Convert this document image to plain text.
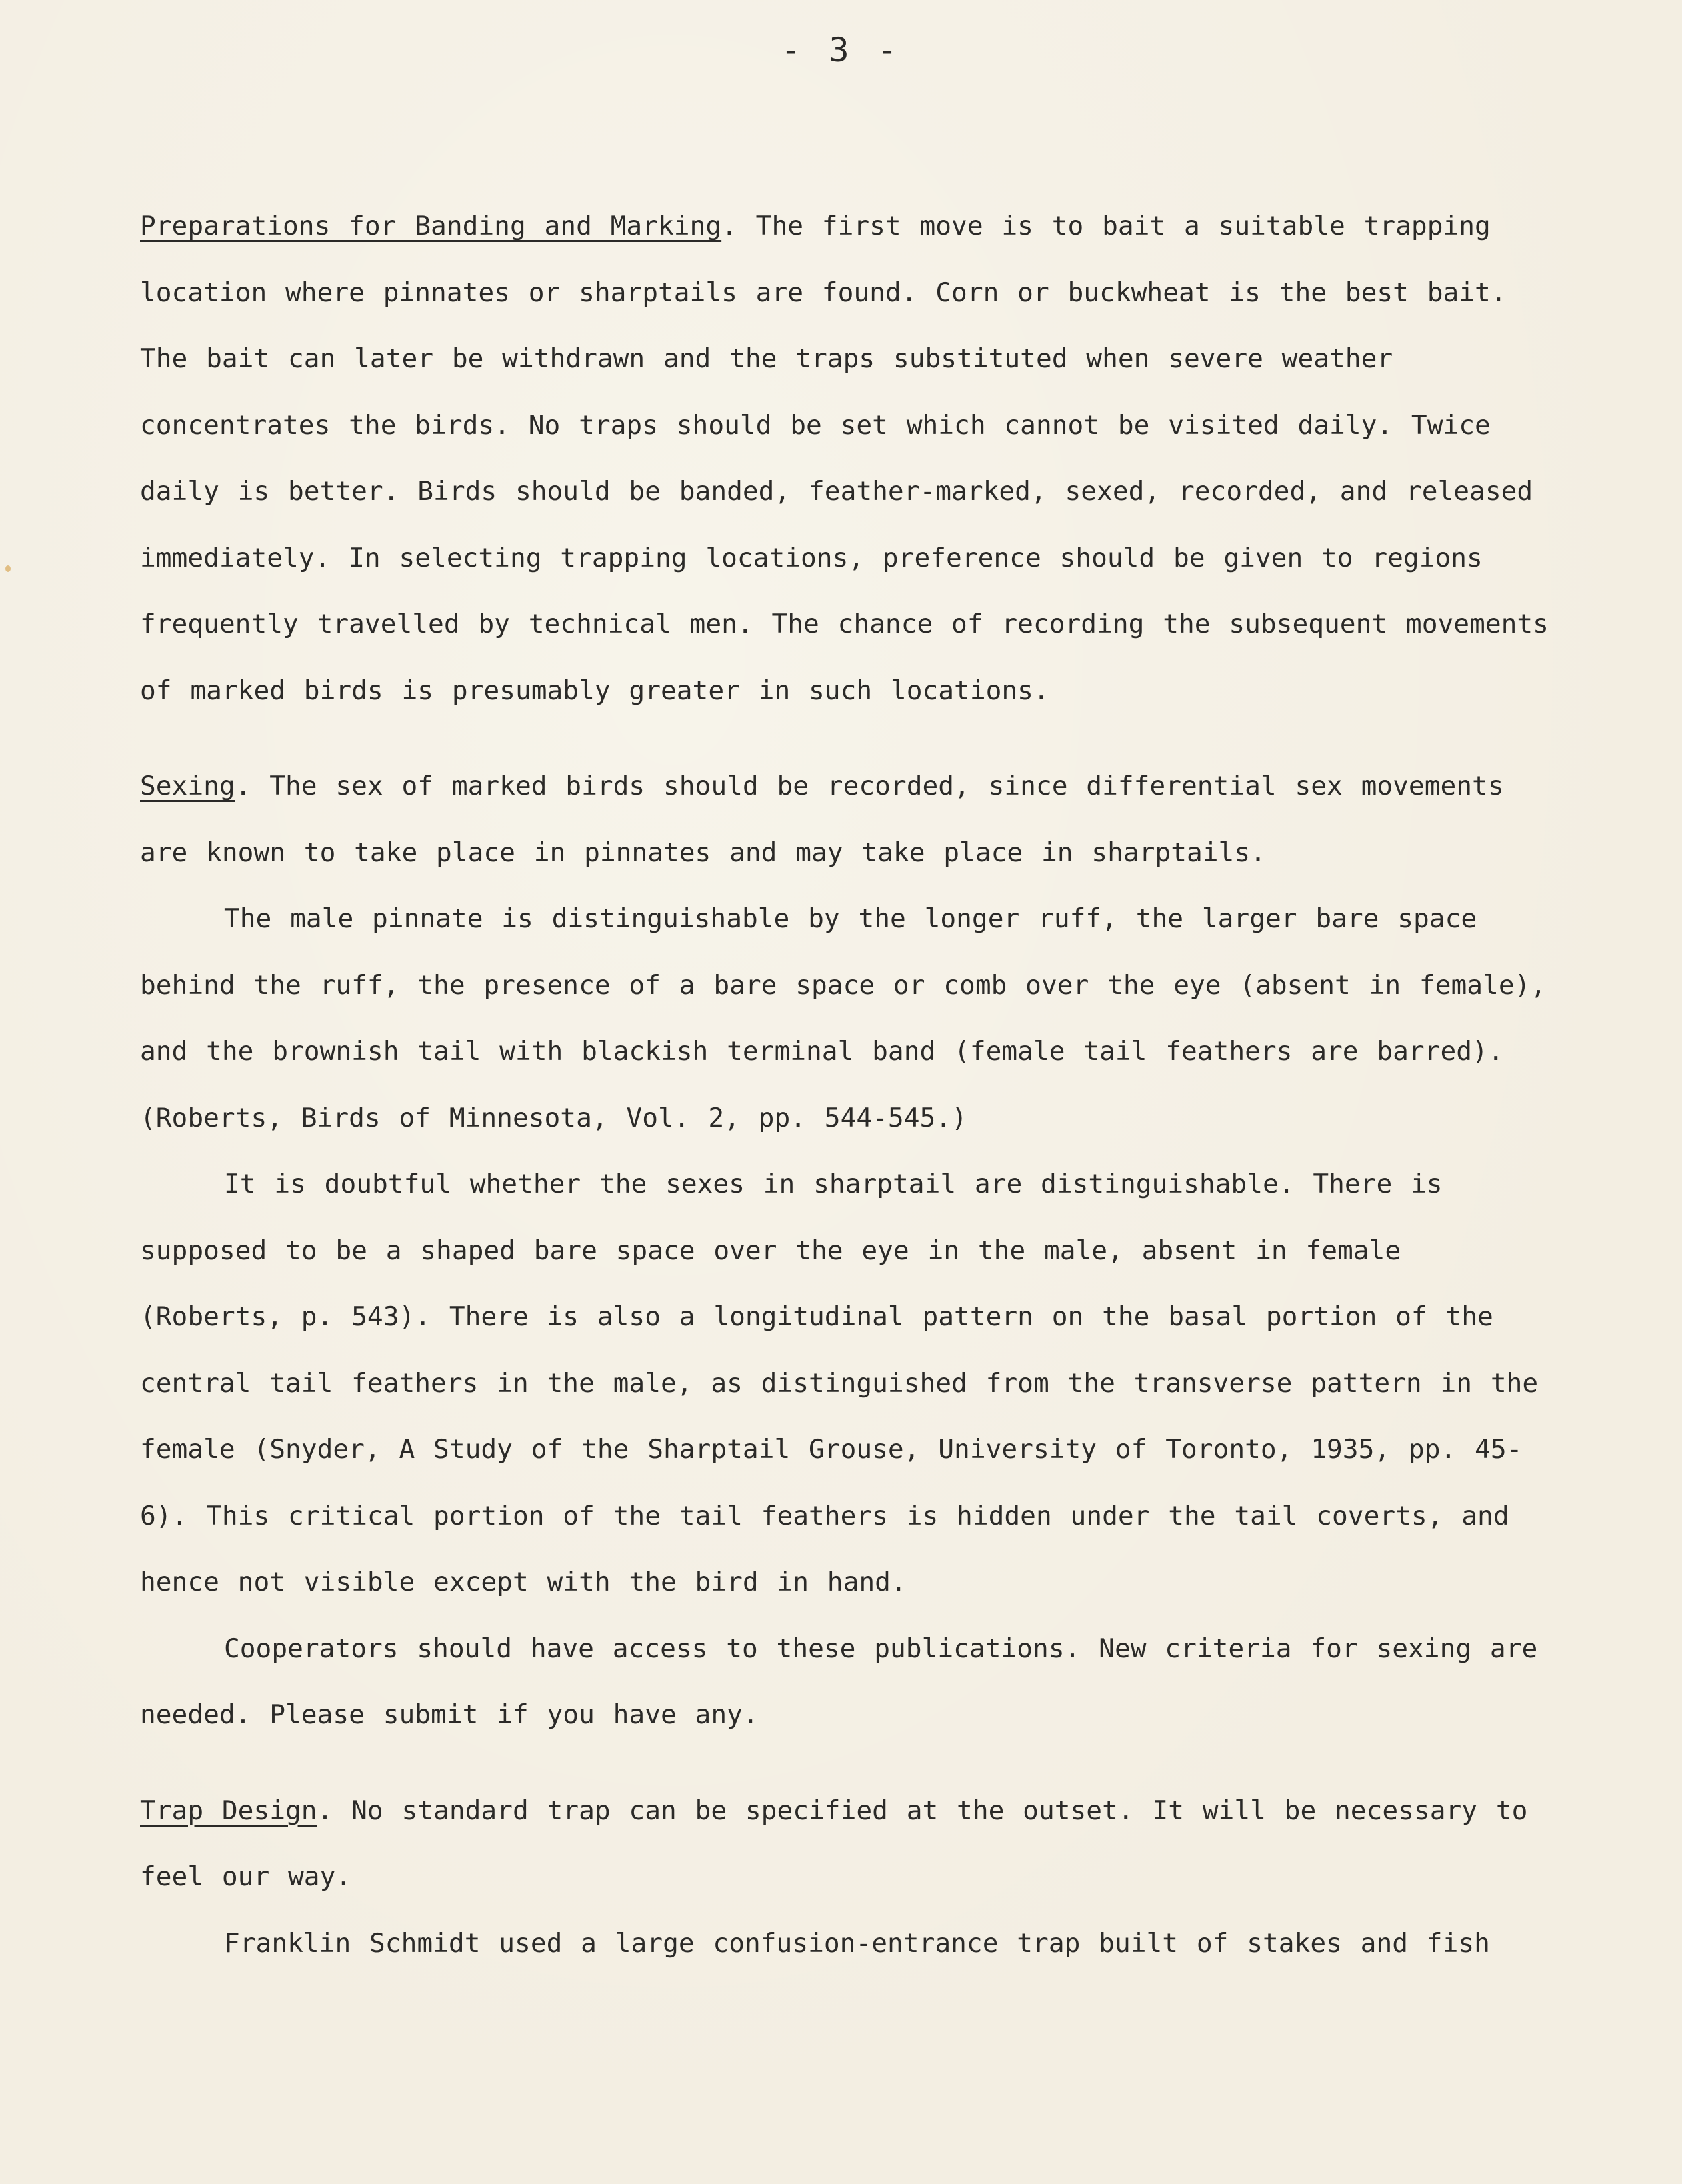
- 3 -

Preparations for Banding and Marking. The first move is to bait a suitable trapping location where pinnates or sharptails are found. Corn or buckwheat is the best bait. The bait can later be withdrawn and the traps substituted when severe weather concentrates the birds. No traps should be set which cannot be visited daily. Twice daily is better. Birds should be banded, feather-marked, sexed, recorded, and released immediately. In selecting trapping locations, preference should be given to regions frequently travelled by technical men. The chance of recording the subsequent movements of marked birds is presumably greater in such locations.

Sexing. The sex of marked birds should be recorded, since differential sex movements are known to take place in pinnates and may take place in sharptails.

The male pinnate is distinguishable by the longer ruff, the larger bare space behind the ruff, the presence of a bare space or comb over the eye (absent in female), and the brownish tail with blackish terminal band (female tail feathers are barred). (Roberts, Birds of Minnesota, Vol. 2, pp. 544-545.)

It is doubtful whether the sexes in sharptail are distinguishable. There is supposed to be a shaped bare space over the eye in the male, absent in female (Roberts, p. 543). There is also a longitudinal pattern on the basal portion of the central tail feathers in the male, as distinguished from the transverse pattern in the female (Snyder, A Study of the Sharptail Grouse, University of Toronto, 1935, pp. 45-6). This critical portion of the tail feathers is hidden under the tail coverts, and hence not visible except with the bird in hand.

Cooperators should have access to these publications. New criteria for sexing are needed. Please submit if you have any.

Trap Design. No standard trap can be specified at the outset. It will be necessary to feel our way.

Franklin Schmidt used a large confusion-entrance trap built of stakes and fish
